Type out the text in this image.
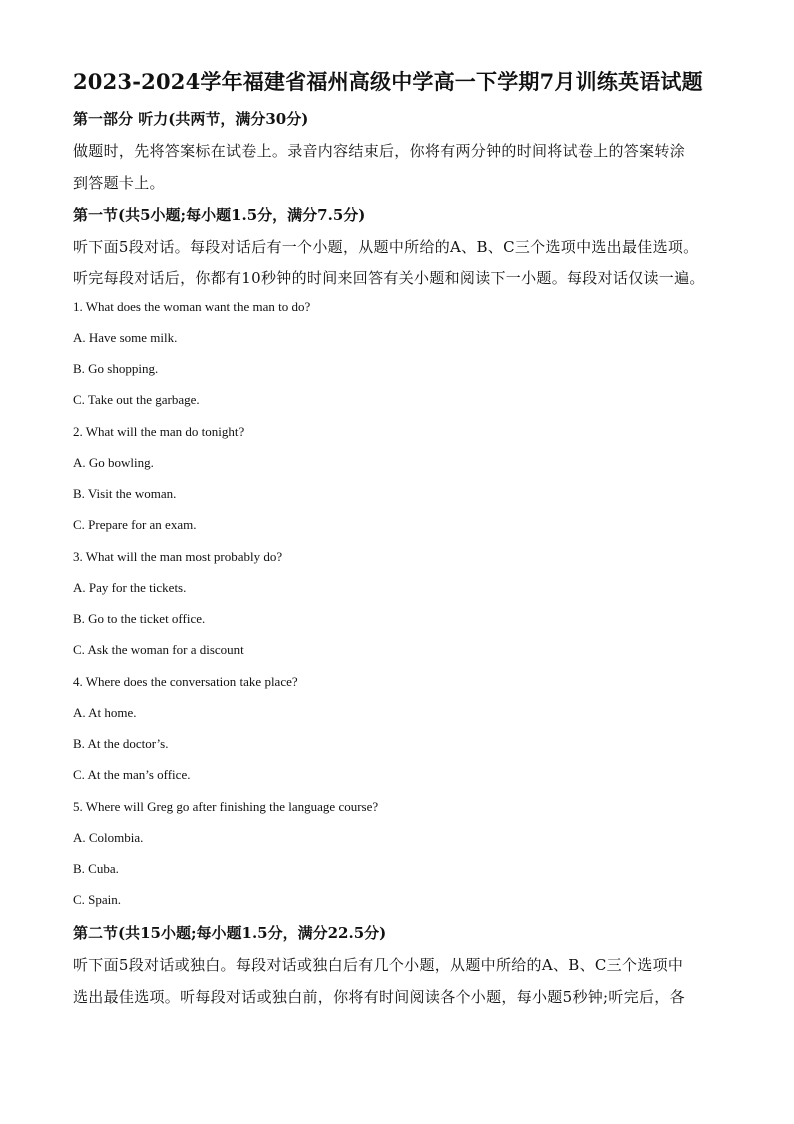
2023-2024学年福建省福州高级中学高一下学期7月训练英语试题
第一部分 听力(共两节，满分30分)
做题时，先将答案标在试卷上。录音内容结束后，你将有两分钟的时间将试卷上的答案转涂
到答题卡上。
第一节(共5小题;每小题1.5分，满分7.5分)
听下面5段对话。每段对话后有一个小题，从题中所给的A、B、C三个选项中选出最佳选项。
听完每段对话后，你都有10秒钟的时间来回答有关小题和阅读下一小题。每段对话仅读一遍。
1. What does the woman want the man to do?
A. Have some milk.
B. Go shopping.
C. Take out the garbage.
2. What will the man do tonight?
A. Go bowling.
B. Visit the woman.
C. Prepare for an exam.
3. What will the man most probably do?
A. Pay for the tickets.
B. Go to the ticket office.
C. Ask the woman for a discount
4. Where does the conversation take place?
A. At home.
B. At the doctor’s.
C. At the man’s office.
5. Where will Greg go after finishing the language course?
A. Colombia.
B. Cuba.
C. Spain.
第二节(共15小题;每小题1.5分，满分22.5分)
听下面5段对话或独白。每段对话或独白后有几个小题，从题中所给的A、B、C三个选项中
选出最佳选项。听每段对话或独白前，你将有时间阅读各个小题，每小题5秒钟;听完后，各
